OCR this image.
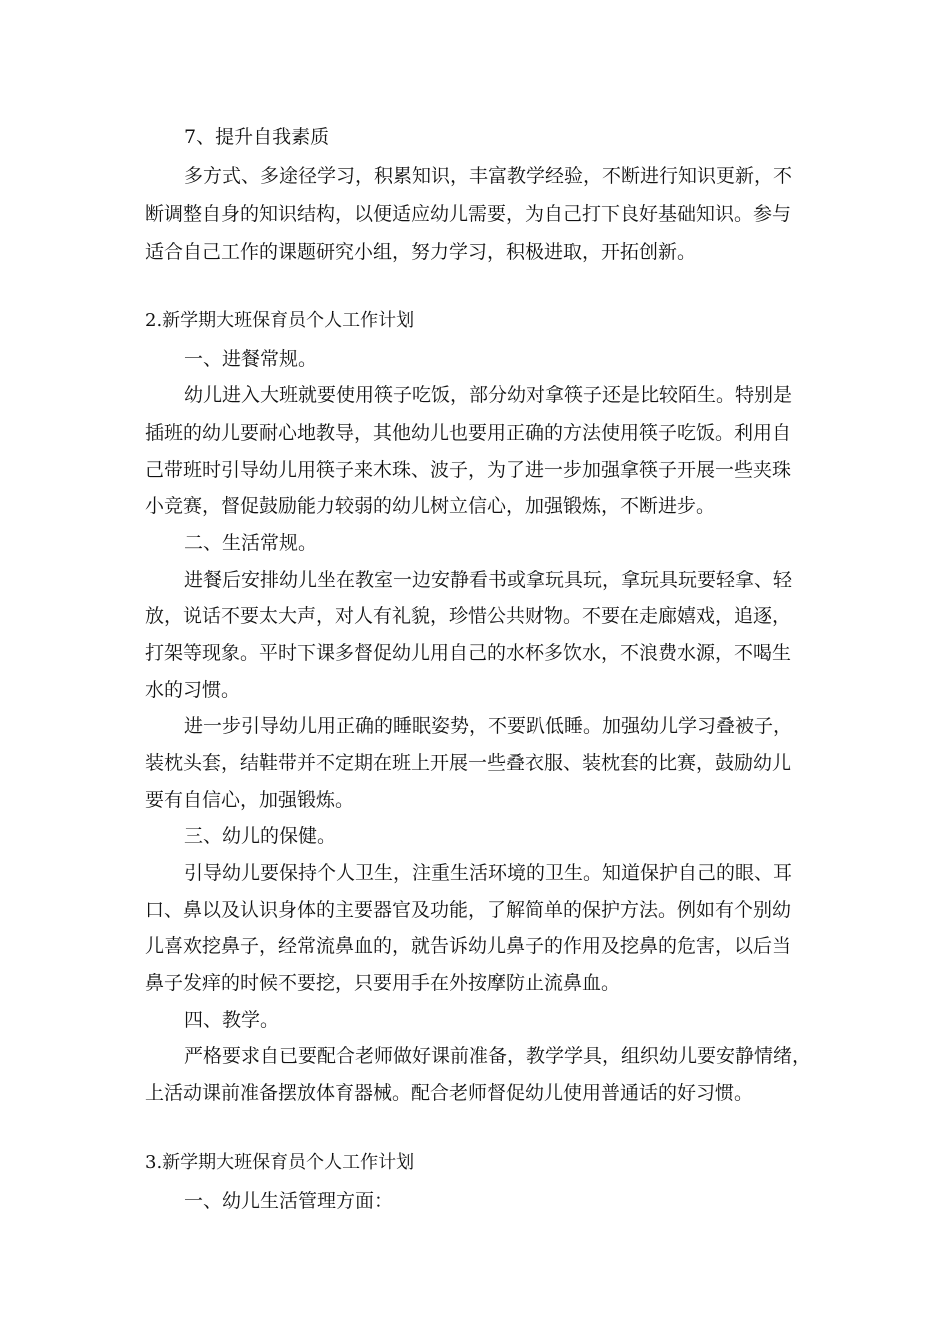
7、提升自我素质
多方式、多途径学习，积累知识，丰富教学经验，不断进行知识更新，不
断调整自身的知识结构，以便适应幼儿需要，为自己打下良好基础知识。参与
适合自己工作的课题研究小组，努力学习，积极进取，开拓创新。
2.新学期大班保育员个人工作计划
一、进餐常规。
幼儿进入大班就要使用筷子吃饭，部分幼对拿筷子还是比较陌生。特别是
插班的幼儿要耐心地教导，其他幼儿也要用正确的方法使用筷子吃饭。利用自
己带班时引导幼儿用筷子来木珠、波子，为了进一步加强拿筷子开展一些夹珠
小竞赛，督促鼓励能力较弱的幼儿树立信心，加强锻炼，不断进步。
二、生活常规。
进餐后安排幼儿坐在教室一边安静看书或拿玩具玩，拿玩具玩要轻拿、轻
放，说话不要太大声，对人有礼貌，珍惜公共财物。不要在走廊嬉戏，追逐，
打架等现象。平时下课多督促幼儿用自己的水杯多饮水，不浪费水源，不喝生
水的习惯。
进一步引导幼儿用正确的睡眠姿势，不要趴低睡。加强幼儿学习叠被子，
装枕头套，结鞋带并不定期在班上开展一些叠衣服、装枕套的比赛，鼓励幼儿
要有自信心，加强锻炼。
三、幼儿的保健。
引导幼儿要保持个人卫生，注重生活环境的卫生。知道保护自己的眼、耳
口、鼻以及认识身体的主要器官及功能，了解简单的保护方法。例如有个别幼
儿喜欢挖鼻子，经常流鼻血的，就告诉幼儿鼻子的作用及挖鼻的危害，以后当
鼻子发痒的时候不要挖，只要用手在外按摩防止流鼻血。
四、教学。
严格要求自已要配合老师做好课前准备，教学学具，组织幼儿要安静情绪，
上活动课前准备摆放体育器械。配合老师督促幼儿使用普通话的好习惯。
3.新学期大班保育员个人工作计划
一、幼儿生活管理方面：
